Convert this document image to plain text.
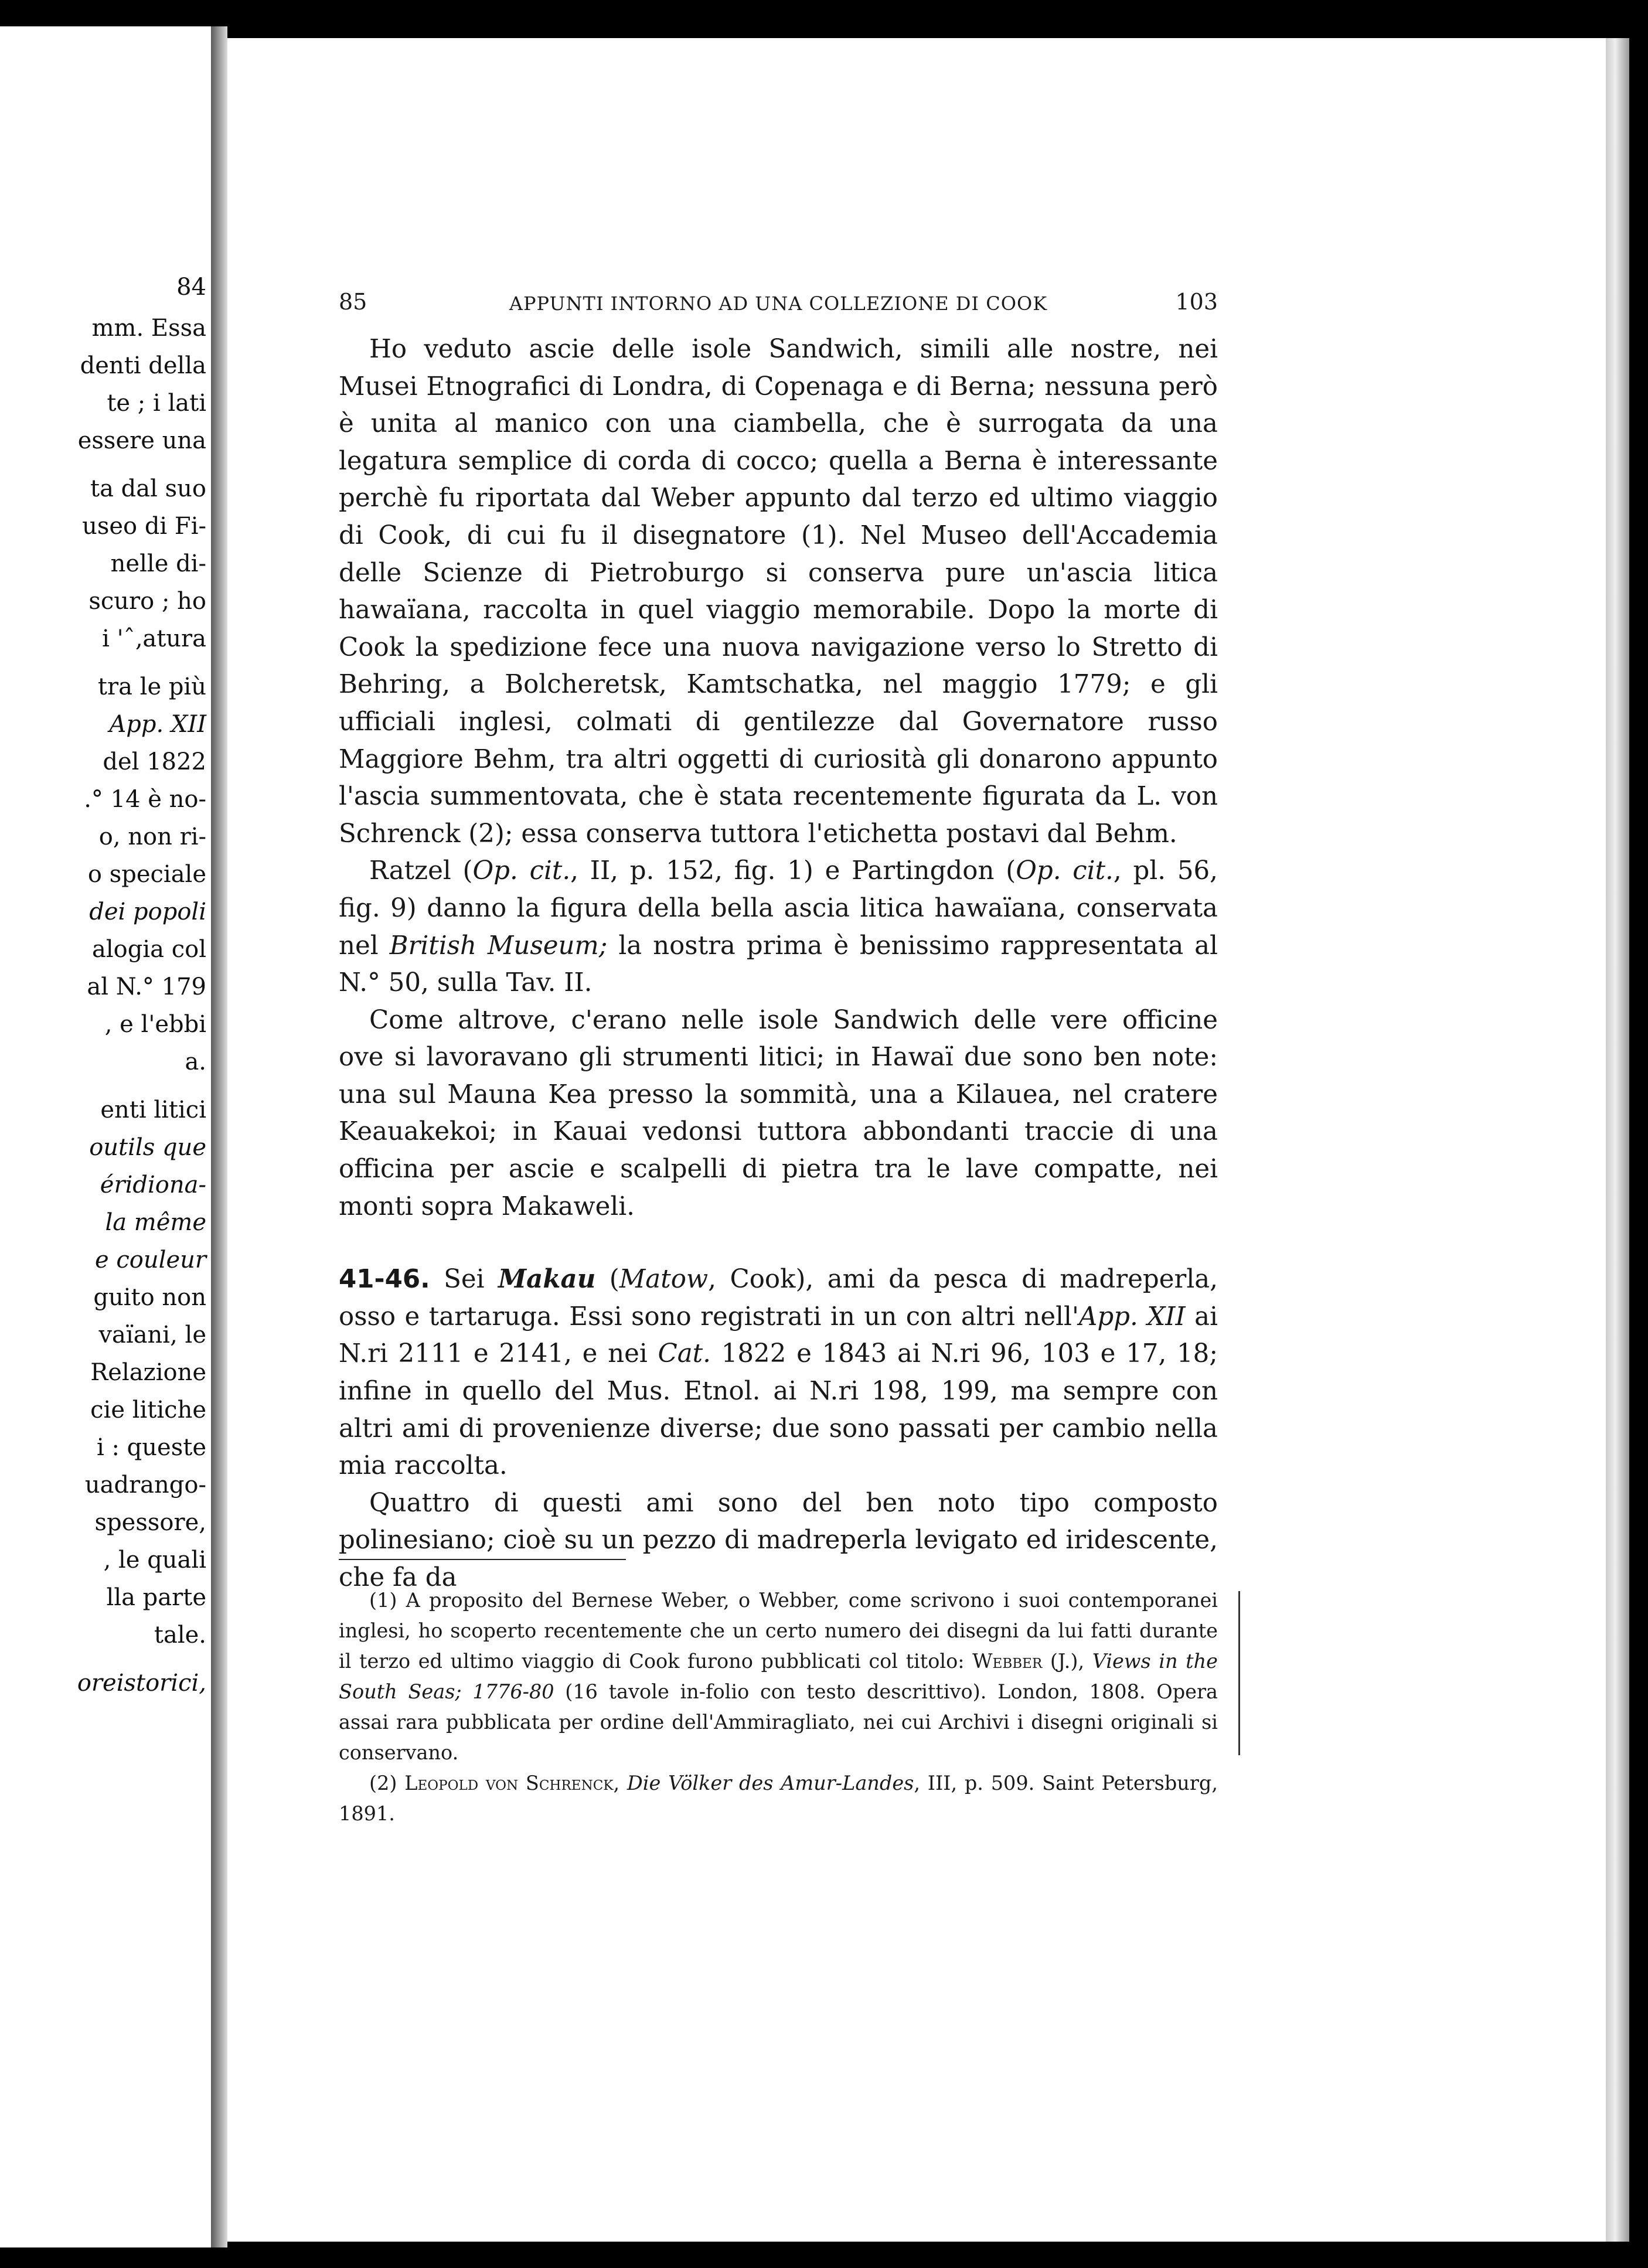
84
mm. Essa
denti della
te ; i lati
essere una
ta dal suo
useo di Fi-
nelle di-
scuro ; ho
i 'ˆ‚atura
tra le più
App. XII
del 1822
.° 14 è no-
o, non ri-
o speciale
dei popoli
alogia col
al N.° 179
, e l'ebbi
a.
enti litici
outils que
éridiona-
la même
e couleur
guito non
vaïani, le
Relazione
cie litiche
i : queste
uadrango-
spessore,
, le quali
lla parte
tale.
oreistorici,
85	APPUNTI INTORNO AD UNA COLLEZIONE DI COOK	103

Ho veduto ascie delle isole Sandwich, simili alle nostre, nei Musei Etnografici di Londra, di Copenaga e di Berna; nessuna però è unita al manico con una ciambella, che è surrogata da una legatura semplice di corda di cocco; quella a Berna è interessante perchè fu riportata dal Weber appunto dal terzo ed ultimo viaggio di Cook, di cui fu il disegnatore (1). Nel Museo dell'Accademia delle Scienze di Pietroburgo si conserva pure un'ascia litica hawaïana, raccolta in quel viaggio memorabile. Dopo la morte di Cook la spedizione fece una nuova navigazione verso lo Stretto di Behring, a Bolcheretsk, Kamtschatka, nel maggio 1779; e gli ufficiali inglesi, colmati di gentilezze dal Governatore russo Maggiore Behm, tra altri oggetti di curiosità gli donarono appunto l'ascia summentovata, che è stata recentemente figurata da L. von Schrenck (2); essa conserva tuttora l'etichetta postavi dal Behm.

Ratzel (Op. cit., II, p. 152, fig. 1) e Partingdon (Op. cit., pl. 56, fig. 9) danno la figura della bella ascia litica hawaïana, conservata nel British Museum; la nostra prima è benissimo rappresentata al N.° 50, sulla Tav. II.

Come altrove, c'erano nelle isole Sandwich delle vere officine ove si lavoravano gli strumenti litici; in Hawaï due sono ben note: una sul Mauna Kea presso la sommità, una a Kilauea, nel cratere Keauakekoi; in Kauai vedonsi tuttora abbondanti traccie di una officina per ascie e scalpelli di pietra tra le lave compatte, nei monti sopra Makaweli.

41-46. Sei Makau (Matow, Cook), ami da pesca di madreperla, osso e tartaruga. Essi sono registrati in un con altri nell'App. XII ai N.ri 2111 e 2141, e nei Cat. 1822 e 1843 ai N.ri 96, 103 e 17, 18; infine in quello del Mus. Etnol. ai N.ri 198, 199, ma sempre con altri ami di provenienze diverse; due sono passati per cambio nella mia raccolta.

Quattro di questi ami sono del ben noto tipo composto polinesiano; cioè su un pezzo di madreperla levigato ed iridescente, che fa da

(1) A proposito del Bernese Weber, o Webber, come scrivono i suoi contemporanei inglesi, ho scoperto recentemente che un certo numero dei disegni da lui fatti durante il terzo ed ultimo viaggio di Cook furono pubblicati col titolo: Webber (J.), Views in the South Seas; 1776-80 (16 tavole in-folio con testo descrittivo). London, 1808. Opera assai rara pubblicata per ordine dell'Ammiragliato, nei cui Archivi i disegni originali si conservano.

(2) Leopold von Schrenck, Die Völker des Amur-Landes, III, p. 509. Saint Petersburg, 1891.
